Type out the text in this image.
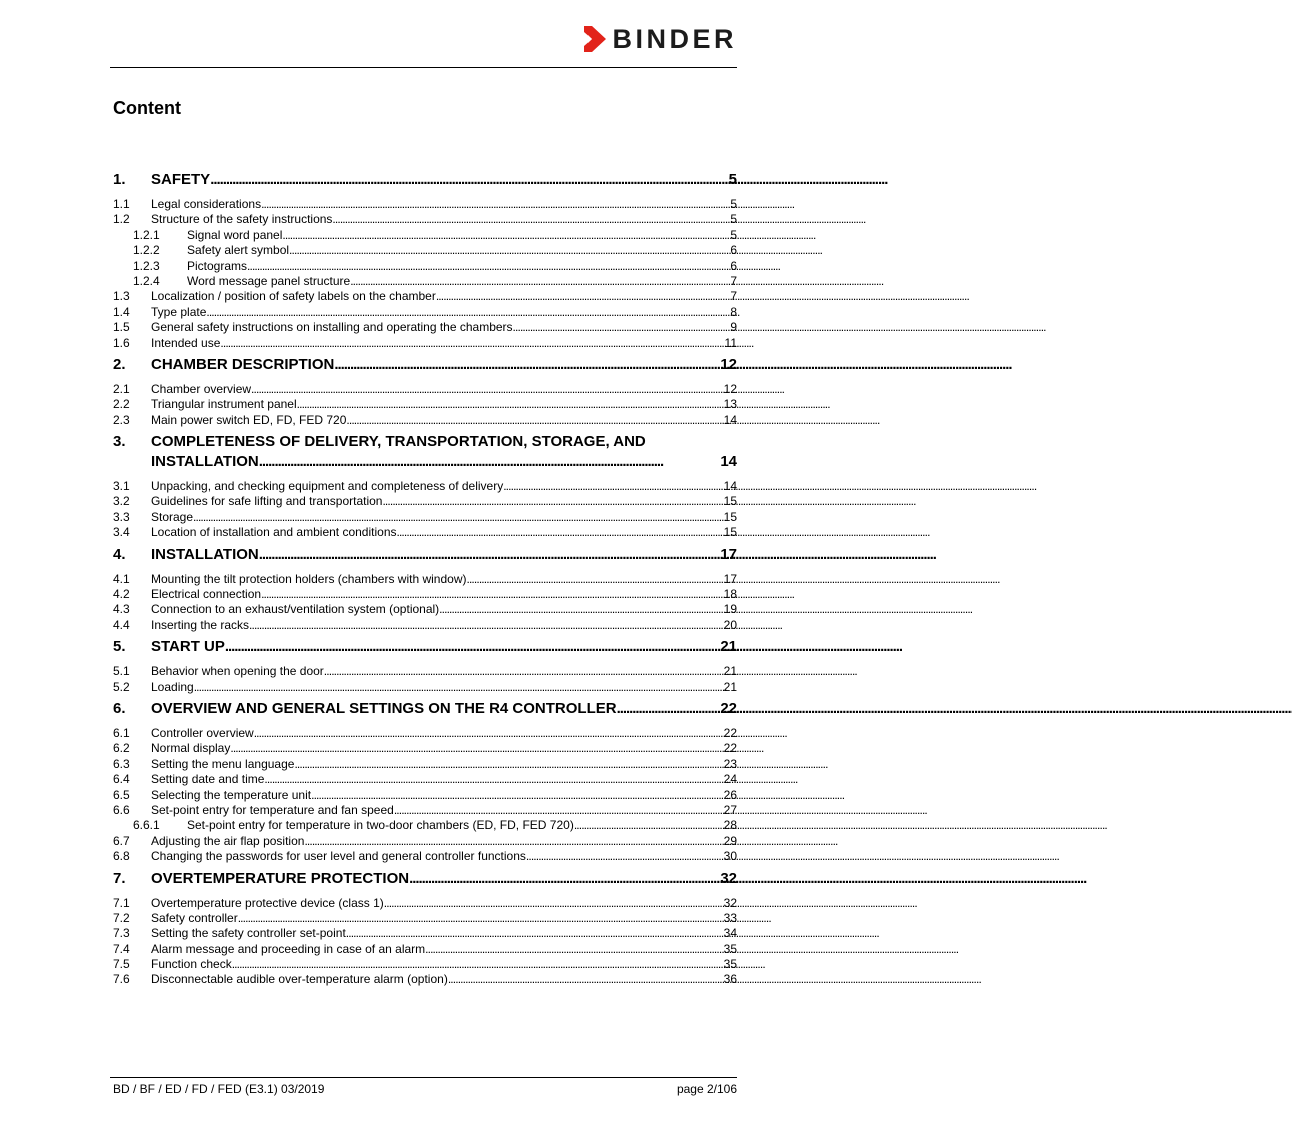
BINDER
Content
1.	SAFETY . . .	5
1.1	Legal considerations . . .	5
1.2	Structure of the safety instructions . . .	5
1.2.1	Signal word panel . . .	5
1.2.2	Safety alert symbol . . .	6
1.2.3	Pictograms . . .	6
1.2.4	Word message panel structure . . .	7
1.3	Localization / position of safety labels on the chamber . . .	7
1.4	Type plate . . .	8
1.5	General safety instructions on installing and operating the chambers . . .	9
1.6	Intended use . . .	11
2.	CHAMBER DESCRIPTION . . .	12
2.1	Chamber overview . . .	12
2.2	Triangular instrument panel . . .	13
2.3	Main power switch ED, FD, FED 720 . . .	14
3.	COMPLETENESS OF DELIVERY, TRANSPORTATION, STORAGE, AND
INSTALLATION . . .	14
3.1	Unpacking, and checking equipment and completeness of delivery . . .	14
3.2	Guidelines for safe lifting and transportation . . .	15
3.3	Storage . . .	15
3.4	Location of installation and ambient conditions . . .	15
4.	INSTALLATION . . .	17
4.1	Mounting the tilt protection holders (chambers with window) . . .	17
4.2	Electrical connection . . .	18
4.3	Connection to an exhaust/ventilation system (optional) . . .	19
4.4	Inserting the racks . . .	20
5.	START UP . . .	21
5.1	Behavior when opening the door . . .	21
5.2	Loading . . .	21
6.	OVERVIEW AND GENERAL SETTINGS ON THE R4 CONTROLLER . . .	22
6.1	Controller overview . . .	22
6.2	Normal display . . .	22
6.3	Setting the menu language . . .	23
6.4	Setting date and time . . .	24
6.5	Selecting the temperature unit . . .	26
6.6	Set-point entry for temperature and fan speed . . .	27
6.6.1	Set-point entry for temperature in two-door chambers (ED, FD, FED 720) . . .	28
6.7	Adjusting the air flap position . . .	29
6.8	Changing the passwords for user level and general controller functions . . .	30
7.	OVERTEMPERATURE PROTECTION . . .	32
7.1	Overtemperature protective device (class 1) . . .	32
7.2	Safety controller . . .	33
7.3	Setting the safety controller set-point . . .	34
7.4	Alarm message and proceeding in case of an alarm . . .	35
7.5	Function check . . .	35
7.6	Disconnectable audible over-temperature alarm (option) . . .	36
BD / BF / ED / FD / FED (E3.1) 03/2019	page 2/106
